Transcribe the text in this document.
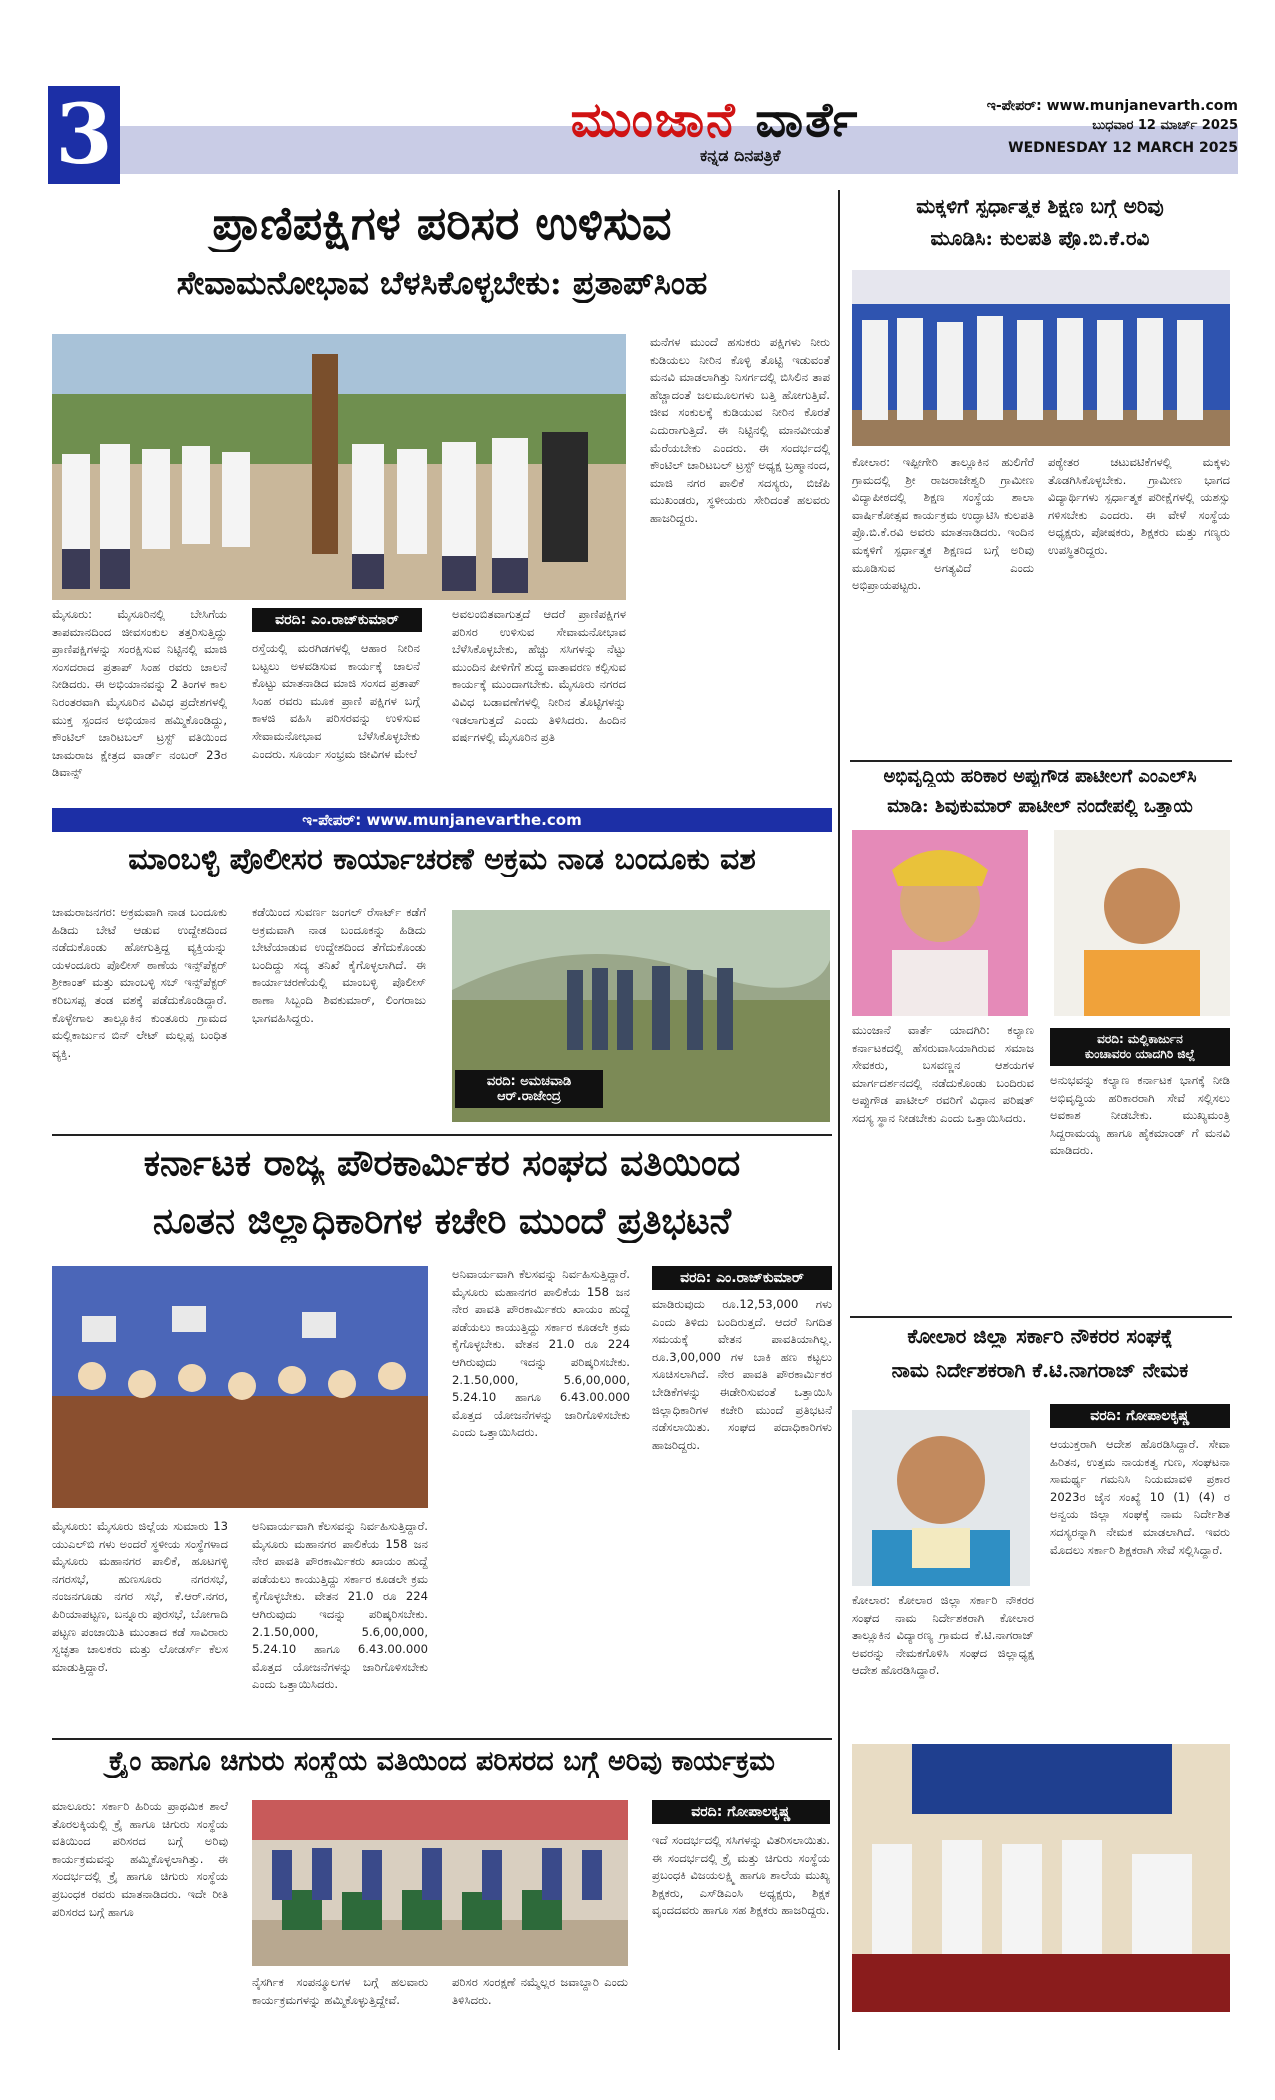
3	ಮುಂಜಾನೆ ವಾರ್ತೆ
ಕನ್ನಡ ದಿನಪತ್ರಿಕೆ
ಇ-ಪೇಪರ್: www.munjanevarth.com
ಬುಧವಾರ 12 ಮಾರ್ಚ್ 2025
WEDNESDAY 12 MARCH 2025
ಪ್ರಾಣಿಪಕ್ಷಿಗಳ ಪರಿಸರ ಉಳಿಸುವ
ಸೇವಾಮನೋಭಾವ ಬೆಳಸಿಕೊಳ್ಳಬೇಕು: ಪ್ರತಾಪ್‌ಸಿಂಹ
ಮೈಸೂರು: ಮೈಸೂರಿನಲ್ಲಿ ಬೇಸಿಗೆಯ ತಾಪಮಾನದಿಂದ ಜೀವಸಂಕುಲ ತತ್ತರಿಸುತ್ತಿದ್ದು ಪ್ರಾಣಿಪಕ್ಷಿಗಳನ್ನು ಸಂರಕ್ಷಿಸುವ ನಿಟ್ಟಿನಲ್ಲಿ ಮಾಜಿ ಸಂಸದರಾದ ಪ್ರತಾಪ್ ಸಿಂಹ ರವರು ಚಾಲನೆ ನೀಡಿದರು. ಈ ಅಭಿಯಾನವನ್ನು 2 ತಿಂಗಳ ಕಾಲ ನಿರಂತರವಾಗಿ ಮೈಸೂರಿನ ವಿವಿಧ ಪ್ರದೇಶಗಳಲ್ಲಿ ಮುಕ್ತ ಸ್ಪಂದನ ಅಭಿಯಾನ ಹಮ್ಮಿಕೊಂಡಿದ್ದು, ಕೌಂಟಿಲ್ ಚಾರಿಟಬಲ್ ಟ್ರಸ್ಟ್ ವತಿಯಿಂದ ಚಾಮರಾಜ ಕ್ಷೇತ್ರದ ವಾರ್ಡ್ ನಂಬರ್ 23ರ ಡಿವಾನ್ಸ್
ವರದಿ: ಎಂ.ರಾಜ್‌ಕುಮಾರ್
ರಸ್ತೆಯಲ್ಲಿ ಮರಗಿಡಗಳಲ್ಲಿ ಆಹಾರ ನೀರಿನ ಬಟ್ಟಲು ಅಳವಡಿಸುವ ಕಾರ್ಯಕ್ಕೆ ಚಾಲನೆ ಕೊಟ್ಟು ಮಾತನಾಡಿದ ಮಾಜಿ ಸಂಸದ ಪ್ರತಾಪ್ ಸಿಂಹ ರವರು ಮೂಕ ಪ್ರಾಣಿ ಪಕ್ಷಿಗಳ ಬಗ್ಗೆ ಕಾಳಜಿ ವಹಿಸಿ ಪರಿಸರವನ್ನು ಉಳಿಸುವ ಸೇವಾಮನೋಭಾವ ಬೆಳೆಸಿಕೊಳ್ಳಬೇಕು ಎಂದರು. ಸೂರ್ಯ ಸಂಭ್ರಮ ಜೀವಿಗಳ ಮೇಲೆ
ಅವಲಂಬಿತವಾಗುತ್ತದೆ ಆದರೆ ಪ್ರಾಣಿಪಕ್ಷಿಗಳ ಪರಿಸರ ಉಳಿಸುವ ಸೇವಾಮನೋಭಾವ ಬೆಳೆಸಿಕೊಳ್ಳಬೇಕು, ಹೆಚ್ಚು ಸಸಿಗಳನ್ನು ನೆಟ್ಟು ಮುಂದಿನ ಪೀಳಿಗೆಗೆ ಶುದ್ಧ ವಾತಾವರಣ ಕಲ್ಪಿಸುವ ಕಾರ್ಯಕ್ಕೆ ಮುಂದಾಗಬೇಕು. ಮೈಸೂರು ನಗರದ ವಿವಿಧ ಬಡಾವಣೆಗಳಲ್ಲಿ ನೀರಿನ ತೊಟ್ಟಿಗಳನ್ನು ಇಡಲಾಗುತ್ತದೆ ಎಂದು ತಿಳಿಸಿದರು. ಹಿಂದಿನ ವರ್ಷಗಳಲ್ಲಿ ಮೈಸೂರಿನ ಪ್ರತಿ
ಮನೆಗಳ ಮುಂದೆ ಹಸುಕರು ಪಕ್ಷಿಗಳು ನೀರು ಕುಡಿಯಲು ನೀರಿನ ಕೊಳ್ಳಿ ತೊಟ್ಟಿ ಇಡುವಂತೆ ಮನವಿ ಮಾಡಲಾಗಿತ್ತು ನಿಸರ್ಗದಲ್ಲಿ ಬಿಸಿಲಿನ ತಾಪ ಹೆಚ್ಚಾದಂತೆ ಜಲಮೂಲಗಳು ಬತ್ತಿ ಹೋಗುತ್ತಿವೆ. ಜೀವ ಸಂಕುಲಕ್ಕೆ ಕುಡಿಯುವ ನೀರಿನ ಕೊರತೆ ಎದುರಾಗುತ್ತಿದೆ. ಈ ನಿಟ್ಟಿನಲ್ಲಿ ಮಾನವೀಯತೆ ಮೆರೆಯಬೇಕು ಎಂದರು. ಈ ಸಂದರ್ಭದಲ್ಲಿ ಕೌಂಟಿಲ್ ಚಾರಿಟಬಲ್ ಟ್ರಸ್ಟ್ ಅಧ್ಯಕ್ಷ ಬ್ರಹ್ಮಾನಂದ, ಮಾಜಿ ನಗರ ಪಾಲಿಕೆ ಸದಸ್ಯರು, ಬಿಜೆಪಿ ಮುಖಂಡರು, ಸ್ಥಳೀಯರು ಸೇರಿದಂತೆ ಹಲವರು ಹಾಜರಿದ್ದರು.
ಇ-ಪೇಪರ್: www.munjanevarthe.com
ಮಾಂಬಳ್ಳಿ ಪೊಲೀಸರ ಕಾರ್ಯಾಚರಣೆ ಅಕ್ರಮ ನಾಡ ಬಂದೂಕು ವಶ
ಚಾಮರಾಜನಗರ: ಅಕ್ರಮವಾಗಿ ನಾಡ ಬಂದೂಕು ಹಿಡಿದು ಬೇಟೆ ಆಡುವ ಉದ್ದೇಶದಿಂದ ನಡೆದುಕೊಂಡು ಹೋಗುತ್ತಿದ್ದ ವ್ಯಕ್ತಿಯನ್ನು ಯಳಂದೂರು ಪೊಲೀಸ್ ಠಾಣೆಯ ಇನ್ಸ್‌ಪೆಕ್ಟರ್ ಶ್ರೀಕಾಂತ್ ಮತ್ತು ಮಾಂಬಳ್ಳಿ ಸಬ್ ಇನ್ಸ್‌ಪೆಕ್ಟರ್ ಕರಿಬಸಪ್ಪ ತಂಡ ವಶಕ್ಕೆ ಪಡೆದುಕೊಂಡಿದ್ದಾರೆ. ಕೊಳ್ಳೇಗಾಲ ತಾಲ್ಲೂಕಿನ ಕುಂತೂರು ಗ್ರಾಮದ ಮಲ್ಲಿಕಾರ್ಜುನ ಬಿನ್ ಲೇಟ್ ಮಲ್ಲಪ್ಪ ಬಂಧಿತ ವ್ಯಕ್ತಿ.
ಕಡೆಯಿಂದ ಸುವರ್ಣ ಜಂಗಲ್ ರೆಸಾರ್ಟ್ ಕಡೆಗೆ ಅಕ್ರಮವಾಗಿ ನಾಡ ಬಂದೂಕನ್ನು ಹಿಡಿದು ಬೇಟೆಯಾಡುವ ಉದ್ದೇಶದಿಂದ ತೆಗೆದುಕೊಂಡು ಬಂದಿದ್ದು ಸದ್ಯ ತನಿಖೆ ಕೈಗೊಳ್ಳಲಾಗಿದೆ. ಈ ಕಾರ್ಯಾಚರಣೆಯಲ್ಲಿ ಮಾಂಬಳ್ಳಿ ಪೊಲೀಸ್ ಠಾಣಾ ಸಿಬ್ಬಂದಿ ಶಿವಕುಮಾರ್, ಲಿಂಗರಾಜು ಭಾಗವಹಿಸಿದ್ದರು.
ವರದಿ: ಅಮಚವಾಡಿ
ಆರ್.ರಾಜೇಂದ್ರ
ಕರ್ನಾಟಕ ರಾಜ್ಯ ಪೌರಕಾರ್ಮಿಕರ ಸಂಘದ ವತಿಯಿಂದ
ನೂತನ ಜಿಲ್ಲಾಧಿಕಾರಿಗಳ ಕಚೇರಿ ಮುಂದೆ ಪ್ರತಿಭಟನೆ
ಮೈಸೂರು: ಮೈಸೂರು ಜಿಲ್ಲೆಯ ಸುಮಾರು 13 ಯುಎಲ್‌ಬಿ ಗಳು ಅಂದರೆ ಸ್ಥಳೀಯ ಸಂಸ್ಥೆಗಳಾದ ಮೈಸೂರು ಮಹಾನಗರ ಪಾಲಿಕೆ, ಹೂಟಗಳ್ಳಿ ನಗರಸಭೆ, ಹುಣಸೂರು ನಗರಸಭೆ, ನಂಜನಗೂಡು ನಗರ ಸಭೆ, ಕೆ.ಆರ್.ನಗರ, ಪಿರಿಯಾಪಟ್ಟಣ, ಬನ್ನೂರು ಪುರಸಭೆ, ಬೋಗಾದಿ ಪಟ್ಟಣ ಪಂಚಾಯಿತಿ ಮುಂತಾದ ಕಡೆ ಸಾವಿರಾರು ಸ್ವಚ್ಛತಾ ಚಾಲಕರು ಮತ್ತು ಲೋಡರ್ಸ್ ಕೆಲಸ ಮಾಡುತ್ತಿದ್ದಾರೆ.
ಅನಿವಾರ್ಯವಾಗಿ ಕೆಲಸವನ್ನು ನಿರ್ವಹಿಸುತ್ತಿದ್ದಾರೆ. ಮೈಸೂರು ಮಹಾನಗರ ಪಾಲಿಕೆಯ 158 ಜನ ನೇರ ಪಾವತಿ ಪೌರಕಾರ್ಮಿಕರು ಖಾಯಂ ಹುದ್ದೆ ಪಡೆಯಲು ಕಾಯುತ್ತಿದ್ದು ಸರ್ಕಾರ ಕೂಡಲೇ ಕ್ರಮ ಕೈಗೊಳ್ಳಬೇಕು. ವೇತನ 21.0 ರೂ 224 ಆಗಿರುವುದು ಇದನ್ನು ಪರಿಷ್ಕರಿಸಬೇಕು. 2.1.50,000, 5.6,00,000, 5.24.10 ಹಾಗೂ 6.43.00.000 ಮೊತ್ತದ ಯೋಜನೆಗಳನ್ನು ಜಾರಿಗೊಳಿಸಬೇಕು ಎಂದು ಒತ್ತಾಯಿಸಿದರು.
ವರದಿ: ಎಂ.ರಾಜ್‌ಕುಮಾರ್
ಅನಿವಾರ್ಯವಾಗಿ ಕೆಲಸವನ್ನು ನಿರ್ವಹಿಸುತ್ತಿದ್ದಾರೆ. ಮೈಸೂರು ಮಹಾನಗರ ಪಾಲಿಕೆಯ 158 ಜನ ನೇರ ಪಾವತಿ ಪೌರಕಾರ್ಮಿಕರು ಖಾಯಂ ಹುದ್ದೆ ಪಡೆಯಲು ಕಾಯುತ್ತಿದ್ದು ಸರ್ಕಾರ ಕೂಡಲೇ ಕ್ರಮ ಕೈಗೊಳ್ಳಬೇಕು. ವೇತನ 21.0 ರೂ 224 ಆಗಿರುವುದು ಇದನ್ನು ಪರಿಷ್ಕರಿಸಬೇಕು. 2.1.50,000, 5.6,00,000, 5.24.10 ಹಾಗೂ 6.43.00.000 ಮೊತ್ತದ ಯೋಜನೆಗಳನ್ನು ಜಾರಿಗೊಳಿಸಬೇಕು ಎಂದು ಒತ್ತಾಯಿಸಿದರು.
ಮಾಡಿರುವುದು ರೂ.12,53,000 ಗಳು ಎಂದು ತಿಳಿದು ಬಂದಿರುತ್ತದೆ. ಆದರೆ ನಿಗದಿತ ಸಮಯಕ್ಕೆ ವೇತನ ಪಾವತಿಯಾಗಿಲ್ಲ. ರೂ.3,00,000 ಗಳ ಬಾಕಿ ಹಣ ಕಟ್ಟಲು ಸೂಚಿಸಲಾಗಿದೆ. ನೇರ ಪಾವತಿ ಪೌರಕಾರ್ಮಿಕರ ಬೇಡಿಕೆಗಳನ್ನು ಈಡೇರಿಸುವಂತೆ ಒತ್ತಾಯಿಸಿ ಜಿಲ್ಲಾಧಿಕಾರಿಗಳ ಕಚೇರಿ ಮುಂದೆ ಪ್ರತಿಭಟನೆ ನಡೆಸಲಾಯಿತು. ಸಂಘದ ಪದಾಧಿಕಾರಿಗಳು ಹಾಜರಿದ್ದರು.
ಕ್ರೈಂ ಹಾಗೂ ಚಿಗುರು ಸಂಸ್ಥೆಯ ವತಿಯಿಂದ ಪರಿಸರದ ಬಗ್ಗೆ ಅರಿವು ಕಾರ್ಯಕ್ರಮ
ಮಾಲೂರು: ಸರ್ಕಾರಿ ಹಿರಿಯ ಪ್ರಾಥಮಿಕ ಶಾಲೆ ತೊರಲಕ್ಕಿಯಲ್ಲಿ ಕ್ರೈ ಹಾಗೂ ಚಿಗುರು ಸಂಸ್ಥೆಯ ವತಿಯಿಂದ ಪರಿಸರದ ಬಗ್ಗೆ ಅರಿವು ಕಾರ್ಯಕ್ರಮವನ್ನು ಹಮ್ಮಿಕೊಳ್ಳಲಾಗಿತ್ತು. ಈ ಸಂದರ್ಭದಲ್ಲಿ ಕ್ರೈ ಹಾಗೂ ಚಿಗುರು ಸಂಸ್ಥೆಯ ಪ್ರಬಂಧಕ ರವರು ಮಾತನಾಡಿದರು. ಇದೇ ರೀತಿ ಪರಿಸರದ ಬಗ್ಗೆ ಹಾಗೂ
ನೈಸರ್ಗಿಕ ಸಂಪನ್ಮೂಲಗಳ ಬಗ್ಗೆ ಹಲವಾರು ಕಾರ್ಯಕ್ರಮಗಳನ್ನು ಹಮ್ಮಿಕೊಳ್ಳುತ್ತಿದ್ದೇವೆ.
ಪರಿಸರ ಸಂರಕ್ಷಣೆ ನಮ್ಮೆಲ್ಲರ ಜವಾಬ್ದಾರಿ ಎಂದು ತಿಳಿಸಿದರು.
ವರದಿ: ಗೋಪಾಲಕೃಷ್ಣ
ಇದೆ ಸಂದರ್ಭದಲ್ಲಿ ಸಸಿಗಳನ್ನು ವಿತರಿಸಲಾಯಿತು. ಈ ಸಂದರ್ಭದಲ್ಲಿ ಕ್ರೈ ಮತ್ತು ಚಿಗುರು ಸಂಸ್ಥೆಯ ಪ್ರಬಂಧಕಿ ವಿಜಯಲಕ್ಷ್ಮಿ ಹಾಗೂ ಶಾಲೆಯ ಮುಖ್ಯ ಶಿಕ್ಷಕರು, ಎಸ್‌ಡಿಎಂಸಿ ಅಧ್ಯಕ್ಷರು, ಶಿಕ್ಷಕ ವೃಂದದವರು ಹಾಗೂ ಸಹ ಶಿಕ್ಷಕರು ಹಾಜರಿದ್ದರು.
ಮಕ್ಕಳಿಗೆ ಸ್ಪರ್ಧಾತ್ಮಕ ಶಿಕ್ಷಣ ಬಗ್ಗೆ ಅರಿವು
ಮೂಡಿಸಿ: ಕುಲಪತಿ ಪ್ರೊ.ಬಿ.ಕೆ.ರವಿ
ಕೋಲಾರ: ಇಪ್ಪೀಗೇರಿ ತಾಲ್ಲೂಕಿನ ಹುಲಿಗೆರೆ ಗ್ರಾಮದಲ್ಲಿ ಶ್ರೀ ರಾಜರಾಜೇಶ್ವರಿ ಗ್ರಾಮೀಣ ವಿದ್ಯಾಪೀಠದಲ್ಲಿ ಶಿಕ್ಷಣ ಸಂಸ್ಥೆಯ ಶಾಲಾ ವಾರ್ಷಿಕೋತ್ಸವ ಕಾರ್ಯಕ್ರಮ ಉದ್ಘಾಟಿಸಿ ಕುಲಪತಿ ಪ್ರೊ.ಬಿ.ಕೆ.ರವಿ ಅವರು ಮಾತನಾಡಿದರು. ಇಂದಿನ ಮಕ್ಕಳಿಗೆ ಸ್ಪರ್ಧಾತ್ಮಕ ಶಿಕ್ಷಣದ ಬಗ್ಗೆ ಅರಿವು ಮೂಡಿಸುವ ಅಗತ್ಯವಿದೆ ಎಂದು ಅಭಿಪ್ರಾಯಪಟ್ಟರು.
ಪಠ್ಯೇತರ ಚಟುವಟಿಕೆಗಳಲ್ಲಿ ಮಕ್ಕಳು ತೊಡಗಿಸಿಕೊಳ್ಳಬೇಕು. ಗ್ರಾಮೀಣ ಭಾಗದ ವಿದ್ಯಾರ್ಥಿಗಳು ಸ್ಪರ್ಧಾತ್ಮಕ ಪರೀಕ್ಷೆಗಳಲ್ಲಿ ಯಶಸ್ಸು ಗಳಿಸಬೇಕು ಎಂದರು. ಈ ವೇಳೆ ಸಂಸ್ಥೆಯ ಅಧ್ಯಕ್ಷರು, ಪೋಷಕರು, ಶಿಕ್ಷಕರು ಮತ್ತು ಗಣ್ಯರು ಉಪಸ್ಥಿತರಿದ್ದರು.
ಅಭಿವೃದ್ಧಿಯ ಹರಿಕಾರ ಅಪ್ಪುಗೌಡ ಪಾಟೀಲಗೆ ಎಂಎಲ್‌ಸಿ
ಮಾಡಿ: ಶಿವುಕುಮಾರ್ ಪಾಟೀಲ್ ನಂದೇಪಲ್ಲಿ ಒತ್ತಾಯ
ಮುಂಜಾನೆ ವಾರ್ತೆ ಯಾದಗಿರಿ: ಕಲ್ಯಾಣ ಕರ್ನಾಟಕದಲ್ಲಿ ಹೆಸರುವಾಸಿಯಾಗಿರುವ ಸಮಾಜ ಸೇವಕರು, ಬಸವಣ್ಣನ ಆಶಯಗಳ ಮಾರ್ಗದರ್ಶನದಲ್ಲಿ ನಡೆದುಕೊಂಡು ಬಂದಿರುವ ಅಪ್ಪುಗೌಡ ಪಾಟೀಲ್ ರವರಿಗೆ ವಿಧಾನ ಪರಿಷತ್ ಸದಸ್ಯ ಸ್ಥಾನ ನೀಡಬೇಕು ಎಂದು ಒತ್ತಾಯಿಸಿದರು.
ವರದಿ: ಮಲ್ಲಿಕಾರ್ಜುನ
ಕುಂಚಾವರಂ ಯಾದಗಿರಿ ಜಿಲ್ಲೆ
ಅನುಭವನ್ನು ಕಲ್ಯಾಣ ಕರ್ನಾಟಕ ಭಾಗಕ್ಕೆ ನೀಡಿ ಅಭಿವೃದ್ಧಿಯ ಹರಿಕಾರರಾಗಿ ಸೇವೆ ಸಲ್ಲಿಸಲು ಅವಕಾಶ ನೀಡಬೇಕು. ಮುಖ್ಯಮಂತ್ರಿ ಸಿದ್ದರಾಮಯ್ಯ ಹಾಗೂ ಹೈಕಮಾಂಡ್ ಗೆ ಮನವಿ ಮಾಡಿದರು.
ಕೋಲಾರ ಜಿಲ್ಲಾ ಸರ್ಕಾರಿ ನೌಕರರ ಸಂಘಕ್ಕೆ
ನಾಮ ನಿರ್ದೇಶಕರಾಗಿ ಕೆ.ಟಿ.ನಾಗರಾಜ್ ನೇಮಕ
ವರದಿ: ಗೋಪಾಲಕೃಷ್ಣ
ಆಯುಕ್ತರಾಗಿ ಆದೇಶ ಹೊರಡಿಸಿದ್ದಾರೆ. ಸೇವಾ ಹಿರಿತನ, ಉತ್ತಮ ನಾಯಕತ್ವ ಗುಣ, ಸಂಘಟನಾ ಸಾಮರ್ಥ್ಯ ಗಮನಿಸಿ ನಿಯಮಾವಳಿ ಪ್ರಕಾರ 2023ರ ಜೈನ ಸಂಖ್ಯೆ 10 (1) (4) ರ ಅನ್ವಯ ಜಿಲ್ಲಾ ಸಂಘಕ್ಕೆ ನಾಮ ನಿರ್ದೇಶಿತ ಸದಸ್ಯರನ್ನಾಗಿ ನೇಮಕ ಮಾಡಲಾಗಿದೆ. ಇವರು ಮೊದಲು ಸರ್ಕಾರಿ ಶಿಕ್ಷಕರಾಗಿ ಸೇವೆ ಸಲ್ಲಿಸಿದ್ದಾರೆ.
ಕೋಲಾರ: ಕೋಲಾರ ಜಿಲ್ಲಾ ಸರ್ಕಾರಿ ನೌಕರರ ಸಂಘದ ನಾಮ ನಿರ್ದೇಶಕರಾಗಿ ಕೋಲಾರ ತಾಲ್ಲೂಕಿನ ವಿದ್ಯಾರಣ್ಯ ಗ್ರಾಮದ ಕೆ.ಟಿ.ನಾಗರಾಜ್ ಅವರನ್ನು ನೇಮಕಗೊಳಿಸಿ ಸಂಘದ ಜಿಲ್ಲಾಧ್ಯಕ್ಷ ಆದೇಶ ಹೊರಡಿಸಿದ್ದಾರೆ.
